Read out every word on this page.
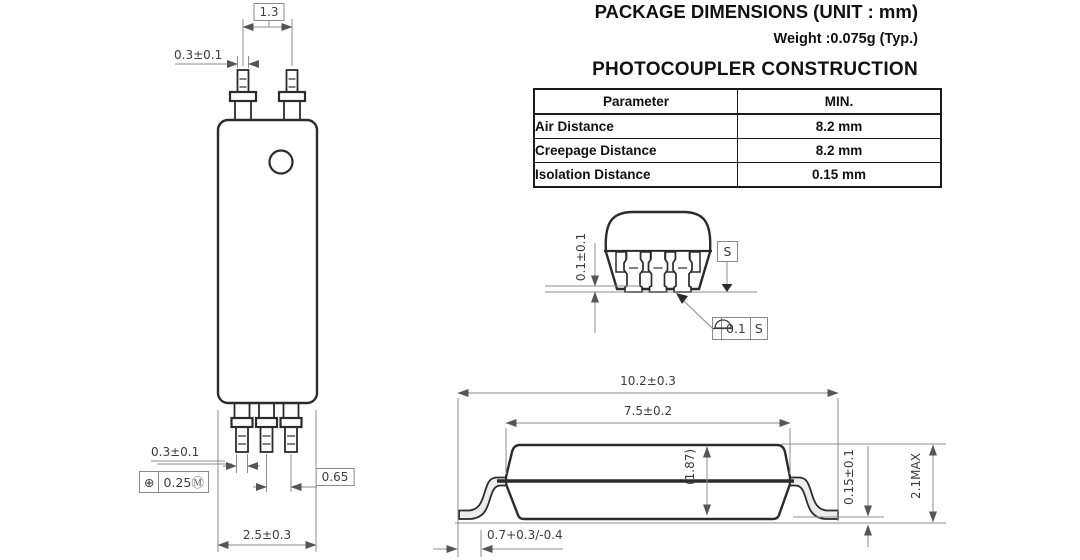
PACKAGE DIMENSIONS (UNIT : mm)
Weight :0.075g (Typ.)
PHOTOCOUPLER CONSTRUCTION
Parameter	MIN.
Air Distance	8.2 mm
Creepage Distance	8.2 mm
Isolation Distance	0.15 mm
1.3
0.3±0.1
0.3±0.1
⊕ 0.25 Ⓜ	0.65
2.5±0.3
0.1±0.1	S
0.1 S
10.2±0.3
7.5±0.2
(1.87)	0.15±0.1	2.1MAX
0.7+0.3/-0.4
